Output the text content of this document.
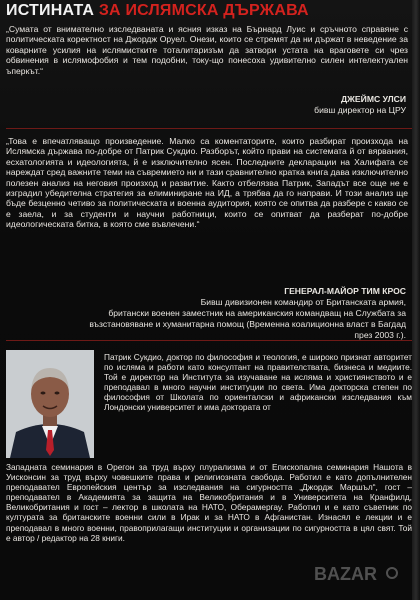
ИСТИНАТА ЗА ИСЛЯМСКА ДЪРЖАВА
„Сумата от внимателно изследваната и ясния изказ на Бърнард Луис и сръчното справяне с политическата коректност на Джордж Оруел. Онези, които се стремят да ни държат в неведение за коварните усилия на ислямистките тоталитаризъм да затвори устата на враговете си чрез обвинения в ислямофобия и тем подобни, току-що понесоха удивително силен интелектуален ъперкът.“
ДЖЕЙМС УЛСИ
бивш директор на ЦРУ
„Това е впечатляващо произведение. Малко са коментаторите, които разбират произхода на Ислямска държава по-добре от Патрик Сукдио. Разборът, който прави на системата й от вярвания, есхатологията и идеологията, й е изключително ясен. Последните декларации на Халифата се нареждат сред важните теми на съвремието ни и тази сравнително кратка книга дава изключително полезен анализ на неговия произход и развитие. Както отбелязва Патрик, Западът все още не е изградил убедителна стратегия за елиминиране на ИД, а трябва да го направи. И този анализ ще бъде безценно четиво за политическата и военна аудитория, която се опитва да разбере с какво се е заела, и за студенти и научни работници, които се опитват да разберат по-добре идеологическата битка, в която сме въвлечени.“
ГЕНЕРАЛ-МАЙОР ТИМ КРОС
Бивш дивизионен командир от Британската армия,
британски военен заместник на американския командващ на Службата за възстановяване и хуманитарна помощ (Временна коалиционна власт в Багдад през 2003 г.).
Патрик Сукдио, доктор по философия и теология, е широко признат авторитет по исляма и работи като консултант на правителствата, бизнеса и медиите. Той е директор на Института за изучаване на исляма и християнството и е преподавал в много научни институции по света. Има докторска степен по философия от Школата по ориенталски и африкански изследвания към Лондонски университет и има доктората от
Западната семинария в Орегон за труд върху плурализма и от Епископална семинария Нашота в Уисконсин за труд върху човешките права и религиозната свобода. Работил е като допълнителен преподавател Европейския център за изследвания на сигурността „Джордж Маршъл“, гост – преподавател в Академията за защита на Великобритания и в Университета на Кранфилд, Великобритания и гост – лектор в школата на НАТО, Оберамергау. Работил и е като съветник по културата за британските военни сили в Ирак и за НАТО в Афганистан. Изнасял е лекции и е преподавал в много военни, правоприлагащи институции и организации по сигурността в цял свят. Той е автор / редактор на 28 книги.
BAZAR
